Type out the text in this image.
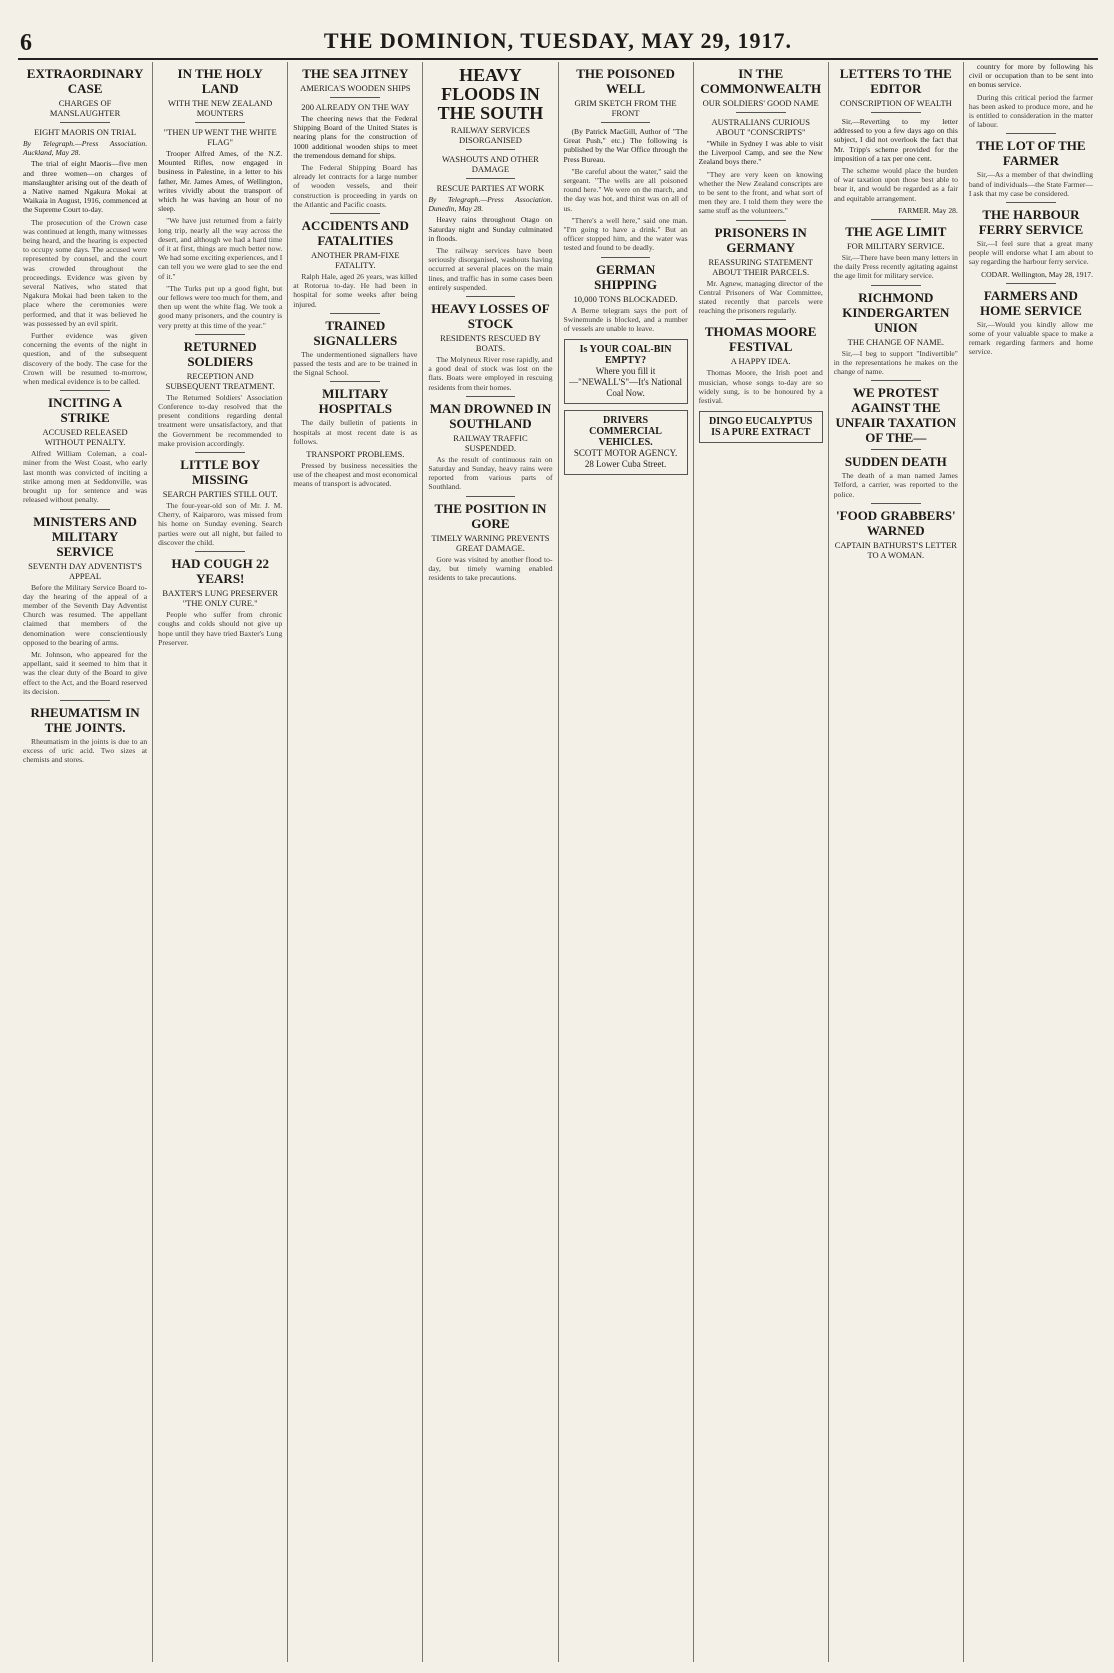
6	THE DOMINION, TUESDAY, MAY 29, 1917.
EXTRAORDINARY CASE
CHARGES OF MANSLAUGHTER
EIGHT MAORIS ON TRIAL
By Telegraph.—Press Association. Auckland, May 28.

The trial of eight Maoris—five men and three women—on charges of manslaughter arising out of the death of a Native named Ngakura Mokai at Waikaia in August, 1916, commenced at the Supreme Court to-day.

The prosecution of the Crown case was continued at length, many witnesses being heard, and the hearing is expected to occupy some days. The accused were represented by counsel, and the court was crowded throughout the proceedings. Evidence was given by several Natives, who stated that Ngakura Mokai had been taken to the place where the ceremonies were performed, and that it was believed he was possessed by an evil spirit.

Further evidence was given concerning the events of the night in question, and of the subsequent discovery of the body. The case for the Crown will be resumed to-morrow, when medical evidence is to be called.

INCITING A STRIKE
ACCUSED RELEASED WITHOUT PENALTY.

Alfred William Coleman, a coal-miner from the West Coast, who early last month was convicted of inciting a strike among men at Seddonville, was brought up for sentence and was released without penalty.

MINISTERS AND MILITARY SERVICE
SEVENTH DAY ADVENTIST'S APPEAL

Before the Military Service Board to-day the hearing of the appeal of a member of the Seventh Day Adventist Church was resumed. The appellant claimed that members of the denomination were conscientiously opposed to the bearing of arms.

Mr. Johnson, who appeared for the appellant, said it seemed to him that it was the clear duty of the Board to give effect to the Act, and the Board reserved its decision.

RHEUMATISM IN THE JOINTS.

Rheumatism in the joints is due to an excess of uric acid. Two sizes at chemists and stores.

IN THE HOLY LAND
WITH THE NEW ZEALAND MOUNTERS
"THEN UP WENT THE WHITE FLAG"

Trooper Alfred Ames, of the N.Z. Mounted Rifles, now engaged in business in Palestine, in a letter to his father, Mr. James Ames, of Wellington, writes vividly about the transport of which he was having an hour of no sleep.

"We have just returned from a fairly long trip, nearly all the way across the desert, and although we had a hard time of it at first, things are much better now. We had some exciting experiences, and I can tell you we were glad to see the end of it."

"The Turks put up a good fight, but our fellows were too much for them, and then up went the white flag. We took a good many prisoners, and the country is very pretty at this time of the year."

RETURNED SOLDIERS
RECEPTION AND SUBSEQUENT TREATMENT.

The Returned Soldiers' Association Conference to-day resolved that the present conditions regarding dental treatment were unsatisfactory, and that the Government be recommended to make provision accordingly.

LITTLE BOY MISSING
SEARCH PARTIES STILL OUT.

The four-year-old son of Mr. J. M. Cherry, of Kaiparoro, was missed from his home on Sunday evening. Search parties were out all night, but failed to discover the child.

HAD COUGH 22 YEARS!
BAXTER'S LUNG PRESERVER "THE ONLY CURE."

People who suffer from chronic coughs and colds should not give up hope until they have tried Baxter's Lung Preserver.

THE SEA JITNEY
AMERICA'S WOODEN SHIPS
200 ALREADY ON THE WAY

The cheering news that the Federal Shipping Board of the United States is nearing plans for the construction of 1000 additional wooden ships to meet the tremendous demand for ships.

The Federal Shipping Board has already let contracts for a large number of wooden vessels, and their construction is proceeding in yards on the Atlantic and Pacific coasts.

ACCIDENTS AND FATALITIES
ANOTHER PRAM-FIXE FATALITY.

Ralph Hale, aged 26 years, was killed at Rotorua to-day. He had been in hospital for some weeks after being injured.

TRAINED SIGNALLERS

The undermentioned signallers have passed the tests and are to be trained in the Signal School.

MILITARY HOSPITALS

The daily bulletin of patients in hospitals at most recent date is as follows.

TRANSPORT PROBLEMS.

Pressed by business necessities the use of the cheapest and most economical means of transport is advocated.

HEAVY FLOODS IN THE SOUTH
RAILWAY SERVICES DISORGANISED
WASHOUTS AND OTHER DAMAGE
RESCUE PARTIES AT WORK
By Telegraph.—Press Association. Dunedin, May 28.

Heavy rains throughout Otago on Saturday night and Sunday culminated in floods.

The railway services have been seriously disorganised, washouts having occurred at several places on the main lines, and traffic has in some cases been entirely suspended.

HEAVY LOSSES OF STOCK
RESIDENTS RESCUED BY BOATS.

The Molyneux River rose rapidly, and a good deal of stock was lost on the flats. Boats were employed in rescuing residents from their homes.

MAN DROWNED IN SOUTHLAND
RAILWAY TRAFFIC SUSPENDED.

As the result of continuous rain on Saturday and Sunday, heavy rains were reported from various parts of Southland.

THE POSITION IN GORE
TIMELY WARNING PREVENTS GREAT DAMAGE.

Gore was visited by another flood to-day, but timely warning enabled residents to take precautions.

THE POISONED WELL
GRIM SKETCH FROM THE FRONT

(By Patrick MacGill, Author of "The Great Push," etc.) The following is published by the War Office through the Press Bureau.

"Be careful about the water," said the sergeant. "The wells are all poisoned round here." We were on the march, and the day was hot, and thirst was on all of us.

"There's a well here," said one man. "I'm going to have a drink." But an officer stopped him, and the water was tested and found to be deadly.

GERMAN SHIPPING
10,000 TONS BLOCKADED.

A Berne telegram says the port of Swinemunde is blocked, and a number of vessels are unable to leave.

Is YOUR COAL-BIN EMPTY?
Where you fill it—"NEWALL'S"—It's National Coal Now.
DRIVERS COMMERCIAL VEHICLES.
SCOTT MOTOR AGENCY. 28 Lower Cuba Street.
IN THE COMMONWEALTH
OUR SOLDIERS' GOOD NAME
AUSTRALIANS CURIOUS ABOUT "CONSCRIPTS"

"While in Sydney I was able to visit the Liverpool Camp, and see the New Zealand boys there."

"They are very keen on knowing whether the New Zealand conscripts are to be sent to the front, and what sort of men they are. I told them they were the same stuff as the volunteers."

PRISONERS IN GERMANY
REASSURING STATEMENT ABOUT THEIR PARCELS.

Mr. Agnew, managing director of the Central Prisoners of War Committee, stated recently that parcels were reaching the prisoners regularly.

THOMAS MOORE FESTIVAL
A HAPPY IDEA.

Thomas Moore, the Irish poet and musician, whose songs to-day are so widely sung, is to be honoured by a festival.

DINGO EUCALYPTUS IS A PURE EXTRACT
LETTERS TO THE EDITOR
CONSCRIPTION OF WEALTH

Sir,—Reverting to my letter addressed to you a few days ago on this subject, I did not overlook the fact that Mr. Tripp's scheme provided for the imposition of a tax per one cent.

The scheme would place the burden of war taxation upon those best able to bear it, and would be regarded as a fair and equitable arrangement.

FARMER. May 28.
THE AGE LIMIT
FOR MILITARY SERVICE.

Sir,—There have been many letters in the daily Press recently agitating against the age limit for military service.

RICHMOND KINDERGARTEN UNION
THE CHANGE OF NAME.

Sir,—I beg to support "Indivertible" in the representations he makes on the change of name.

WE PROTEST AGAINST THE UNFAIR TAXATION OF THE—
SUDDEN DEATH

The death of a man named James Telford, a carrier, was reported to the police.

'FOOD GRABBERS' WARNED
CAPTAIN BATHURST'S LETTER TO A WOMAN.

country for more by following his civil or occupation than to be sent into en bonus service.

During this critical period the farmer has been asked to produce more, and he is entitled to consideration in the matter of labour.

THE LOT OF THE FARMER

Sir,—As a member of that dwindling band of individuals—the State Farmer—I ask that my case be considered.

THE HARBOUR FERRY SERVICE

Sir,—I feel sure that a great many people will endorse what I am about to say regarding the harbour ferry service.

CODAR. Wellington, May 28, 1917.
FARMERS AND HOME SERVICE

Sir,—Would you kindly allow me some of your valuable space to make a remark regarding farmers and home service.
